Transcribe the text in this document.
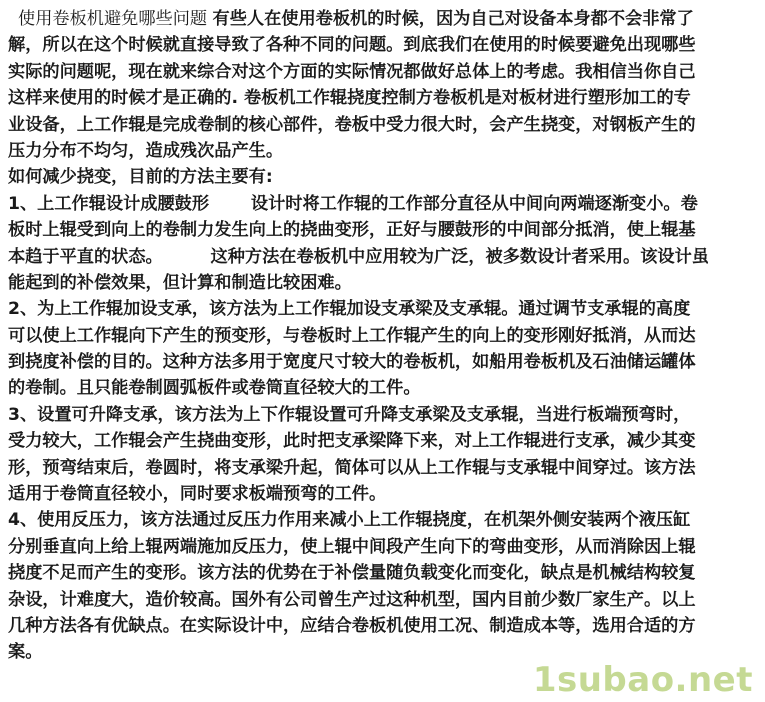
使用卷板机避免哪些问题 有些人在使用卷板机的时候，因为自己对设备本身都不会非常了
解，所以在这个时候就直接导致了各种不同的问题。到底我们在使用的时候要避免出现哪些
实际的问题呢，现在就来综合对这个方面的实际情况都做好总体上的考虑。我相信当你自己
这样来使用的时候才是正确的. 卷板机工作辊挠度控制方卷板机是对板材进行塑形加工的专
业设备，上工作辊是完成卷制的核心部件，卷板中受力很大时，会产生挠变，对钢板产生的
压力分布不均匀，造成残次品产生。
如何减少挠变，目前的方法主要有:
1、上工作辊设计成腰鼓形       设计时将工作辊的工作部分直径从中间向两端逐渐变小。卷
板时上辊受到向上的卷制力发生向上的挠曲变形，正好与腰鼓形的中间部分抵消，使上辊基
本趋于平直的状态。        这种方法在卷板机中应用较为广泛，被多数设计者采用。该设计虽
能起到的补偿效果，但计算和制造比较困难。
2、为上工作辊加设支承，该方法为上工作辊加设支承梁及支承辊。通过调节支承辊的高度
可以使上工作辊向下产生的预变形，与卷板时上工作辊产生的向上的变形刚好抵消，从而达
到挠度补偿的目的。这种方法多用于宽度尺寸较大的卷板机，如船用卷板机及石油储运罐体
的卷制。且只能卷制圆弧板件或卷筒直径较大的工件。
3、设置可升降支承，该方法为上下作辊设置可升降支承梁及支承辊，当进行板端预弯时，
受力较大，工作辊会产生挠曲变形，此时把支承梁降下来，对上工作辊进行支承，减少其变
形，预弯结束后，卷圆时，将支承梁升起，简体可以从上工作辊与支承辊中间穿过。该方法
适用于卷筒直径较小，同时要求板端预弯的工件。
4、使用反压力，该方法通过反压力作用来减小上工作辊挠度，在机架外侧安装两个液压缸
分别垂直向上给上辊两端施加反压力，使上辊中间段产生向下的弯曲变形，从而消除因上辊
挠度不足而产生的变形。该方法的优势在于补偿量随负载变化而变化，缺点是机械结构较复
杂设，计难度大，造价较高。国外有公司曾生产过这种机型，国内目前少数厂家生产。以上
几种方法各有优缺点。在实际设计中，应结合卷板机使用工况、制造成本等，选用合适的方
案。
1subao.net
